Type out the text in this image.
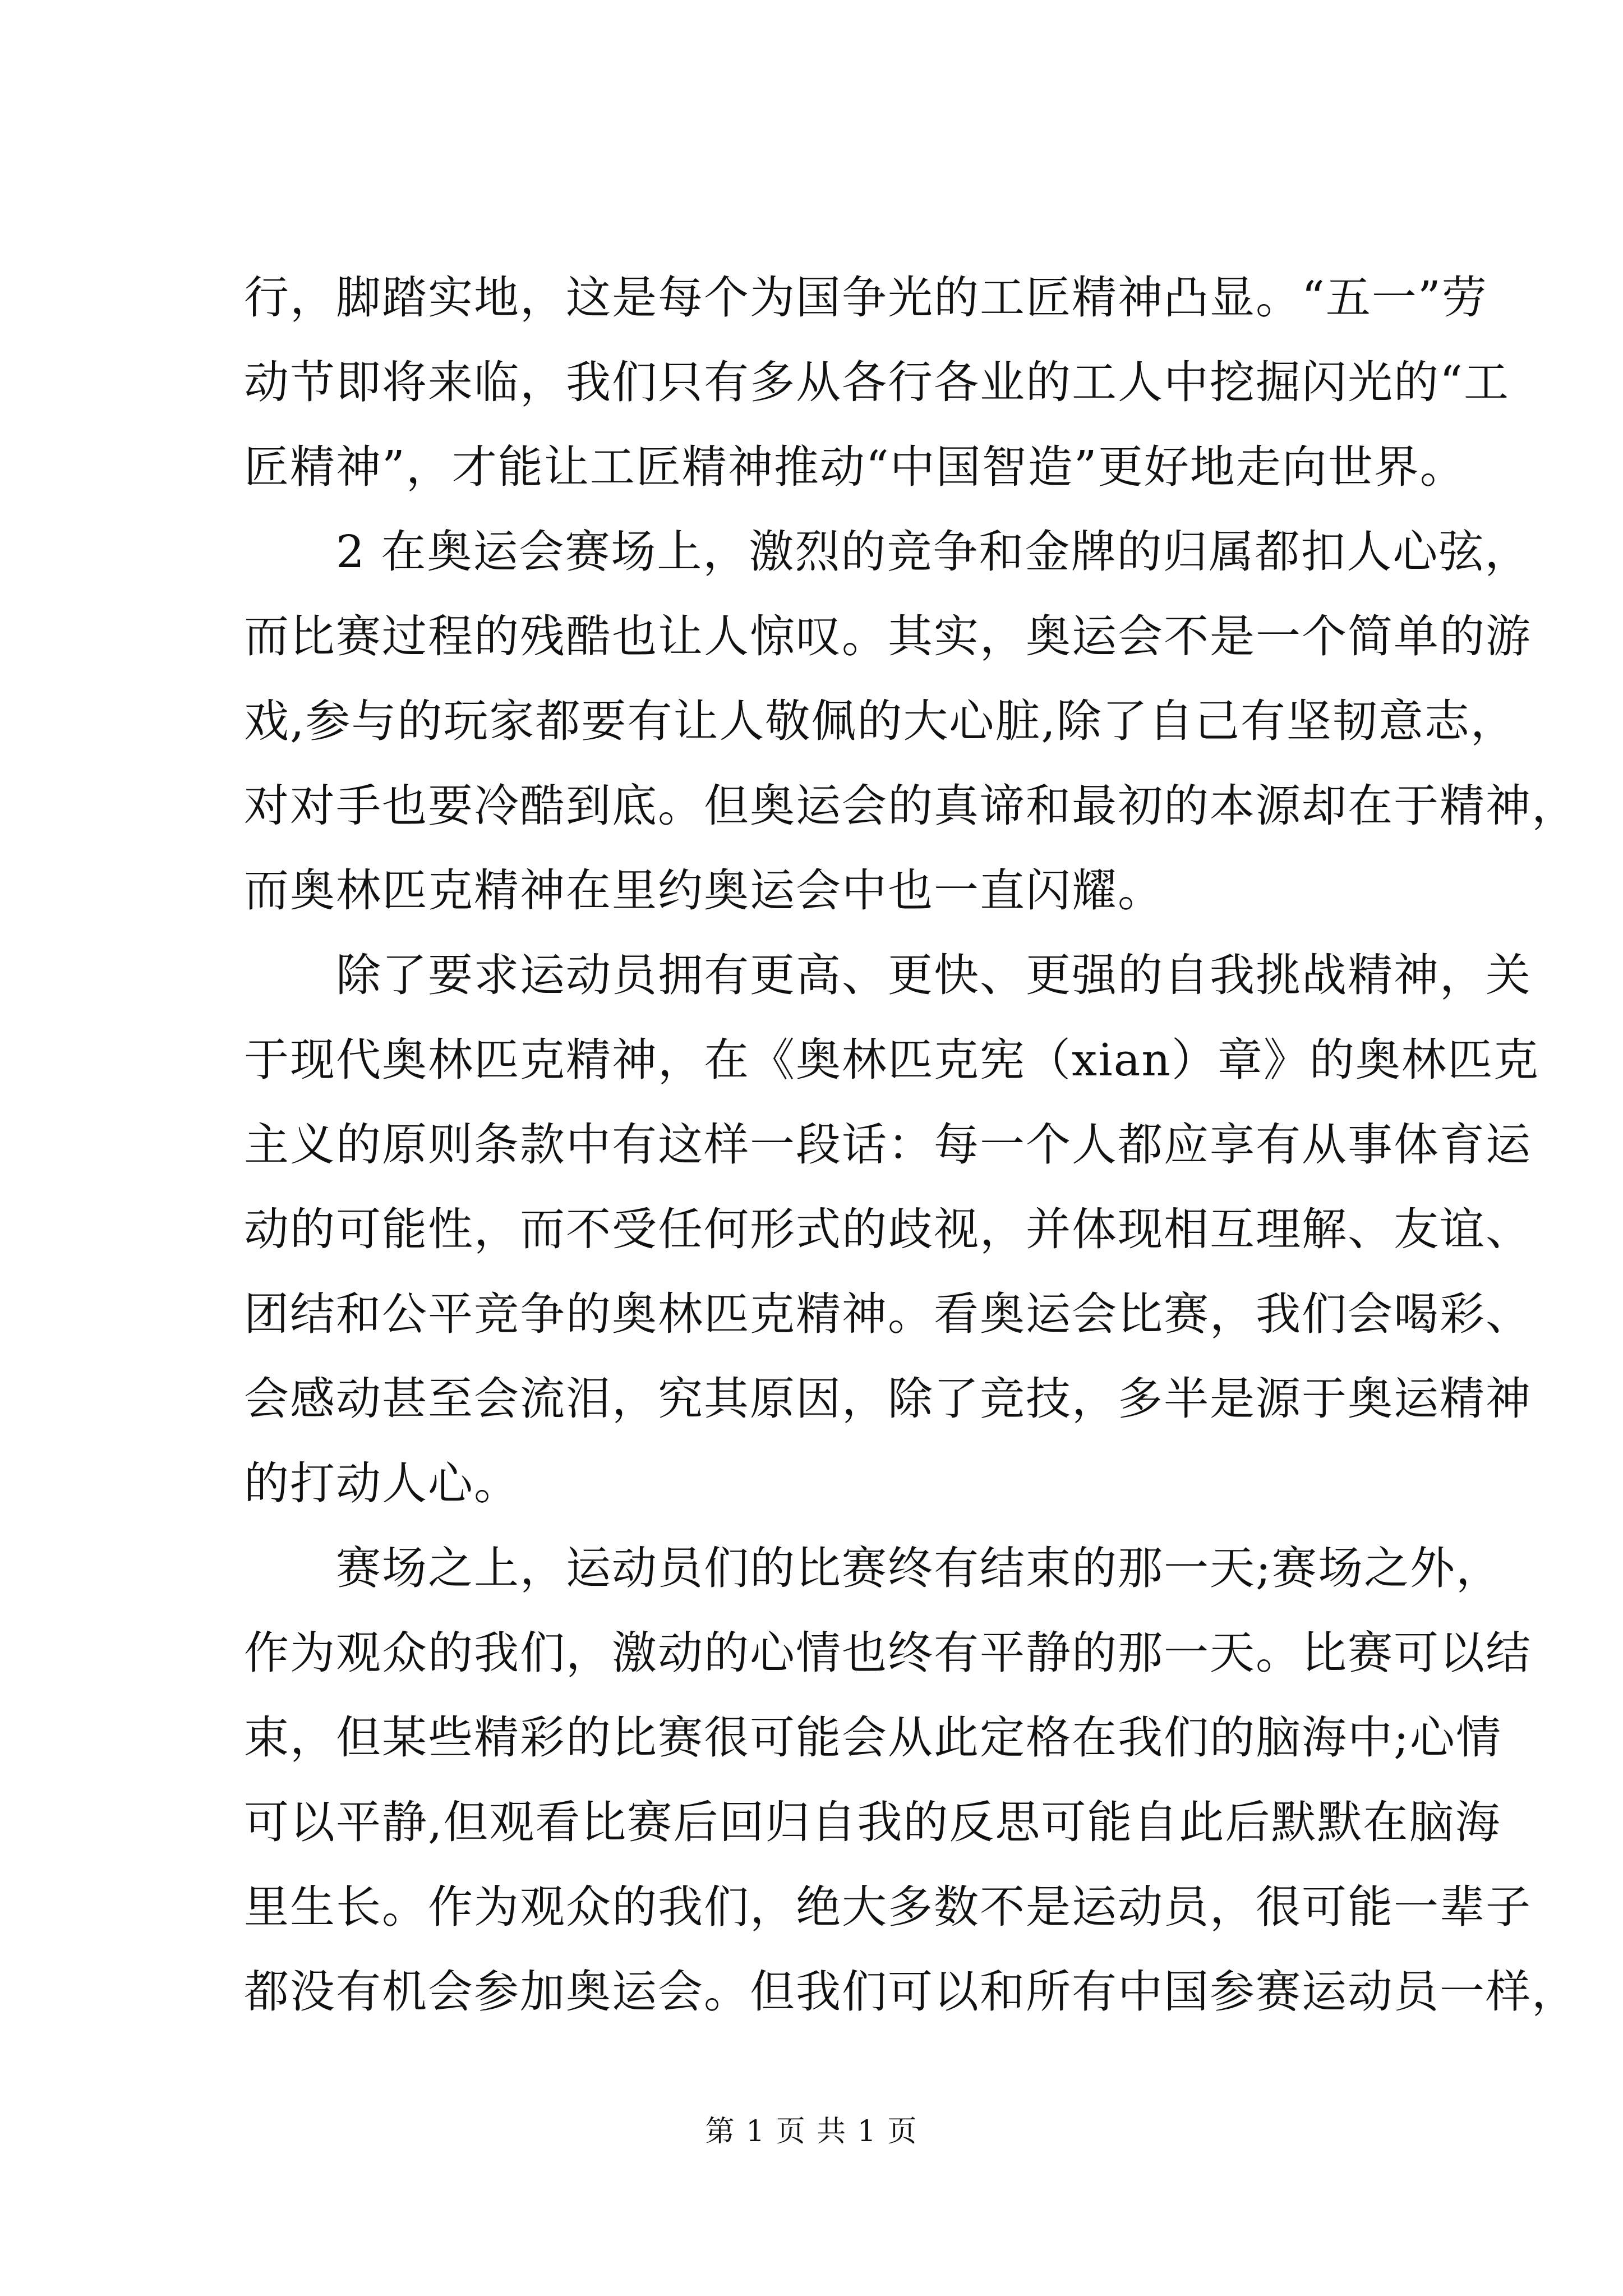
行，脚踏实地，这是每个为国争光的工匠精神凸显。“五一”劳
动节即将来临，我们只有多从各行各业的工人中挖掘闪光的“工
匠精神”，才能让工匠精神推动“中国智造”更好地走向世界。
　　2 在奥运会赛场上，激烈的竞争和金牌的归属都扣人心弦，
而比赛过程的残酷也让人惊叹。其实，奥运会不是一个简单的游
戏,参与的玩家都要有让人敬佩的大心脏,除了自己有坚韧意志，
对对手也要冷酷到底。但奥运会的真谛和最初的本源却在于精神，
而奥林匹克精神在里约奥运会中也一直闪耀。
　　除了要求运动员拥有更高、更快、更强的自我挑战精神，关
于现代奥林匹克精神，在《奥林匹克宪（xian）章》的奥林匹克
主义的原则条款中有这样一段话：每一个人都应享有从事体育运
动的可能性，而不受任何形式的歧视，并体现相互理解、友谊、
团结和公平竞争的奥林匹克精神。看奥运会比赛，我们会喝彩、
会感动甚至会流泪，究其原因，除了竞技，多半是源于奥运精神
的打动人心。
　　赛场之上，运动员们的比赛终有结束的那一天;赛场之外，
作为观众的我们，激动的心情也终有平静的那一天。比赛可以结
束，但某些精彩的比赛很可能会从此定格在我们的脑海中;心情
可以平静,但观看比赛后回归自我的反思可能自此后默默在脑海
里生长。作为观众的我们，绝大多数不是运动员，很可能一辈子
都没有机会参加奥运会。但我们可以和所有中国参赛运动员一样，
第 1 页 共 1 页
